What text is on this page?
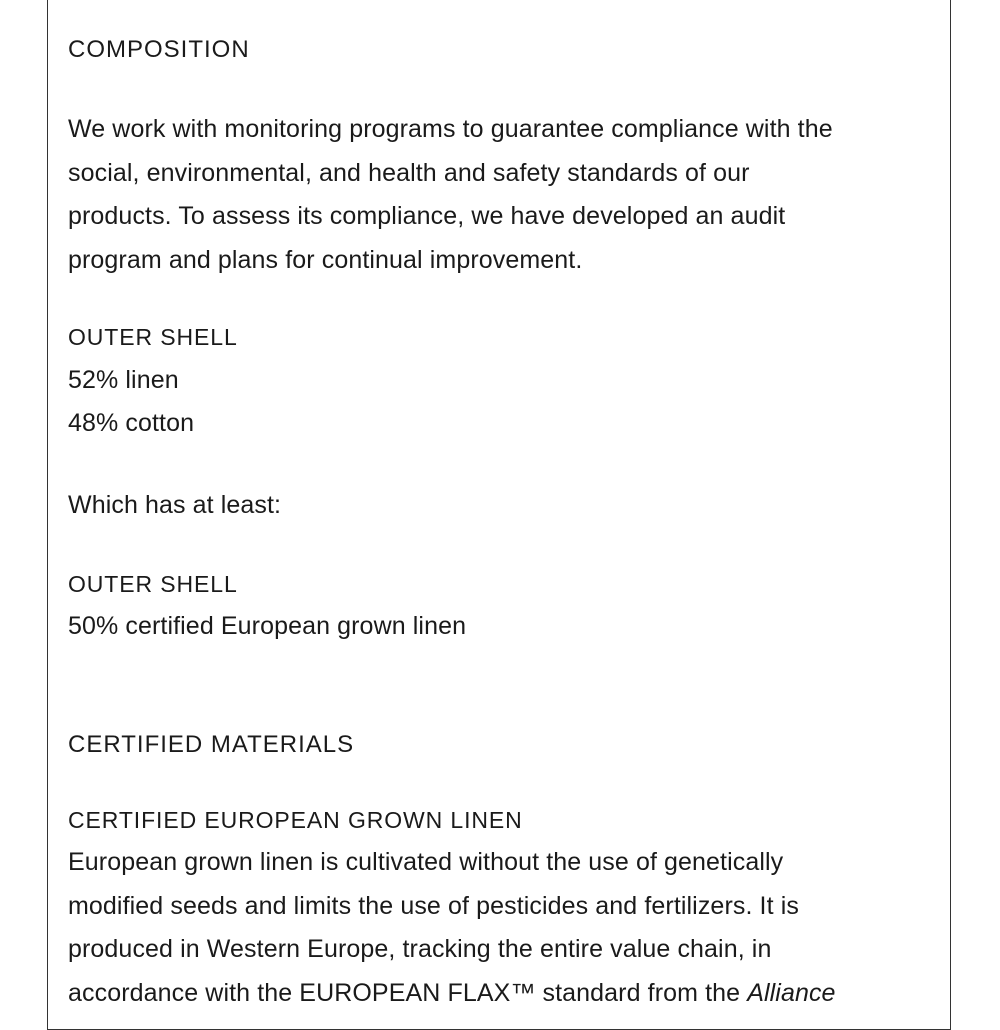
COMPOSITION

We work with monitoring programs to guarantee compliance with the
social, environmental, and health and safety standards of our
products. To assess its compliance, we have developed an audit
program and plans for continual improvement.

OUTER SHELL

52% linen

48% cotton

Which has at least:

OUTER SHELL

50% certified European grown linen

CERTIFIED MATERIALS
CERTIFIED EUROPEAN GROWN LINEN

European grown linen is cultivated without the use of genetically
modified seeds and limits the use of pesticides and fertilizers. It is
produced in Western Europe, tracking the entire value chain, in
accordance with the EUROPEAN FLAX™ standard from the Alliance
